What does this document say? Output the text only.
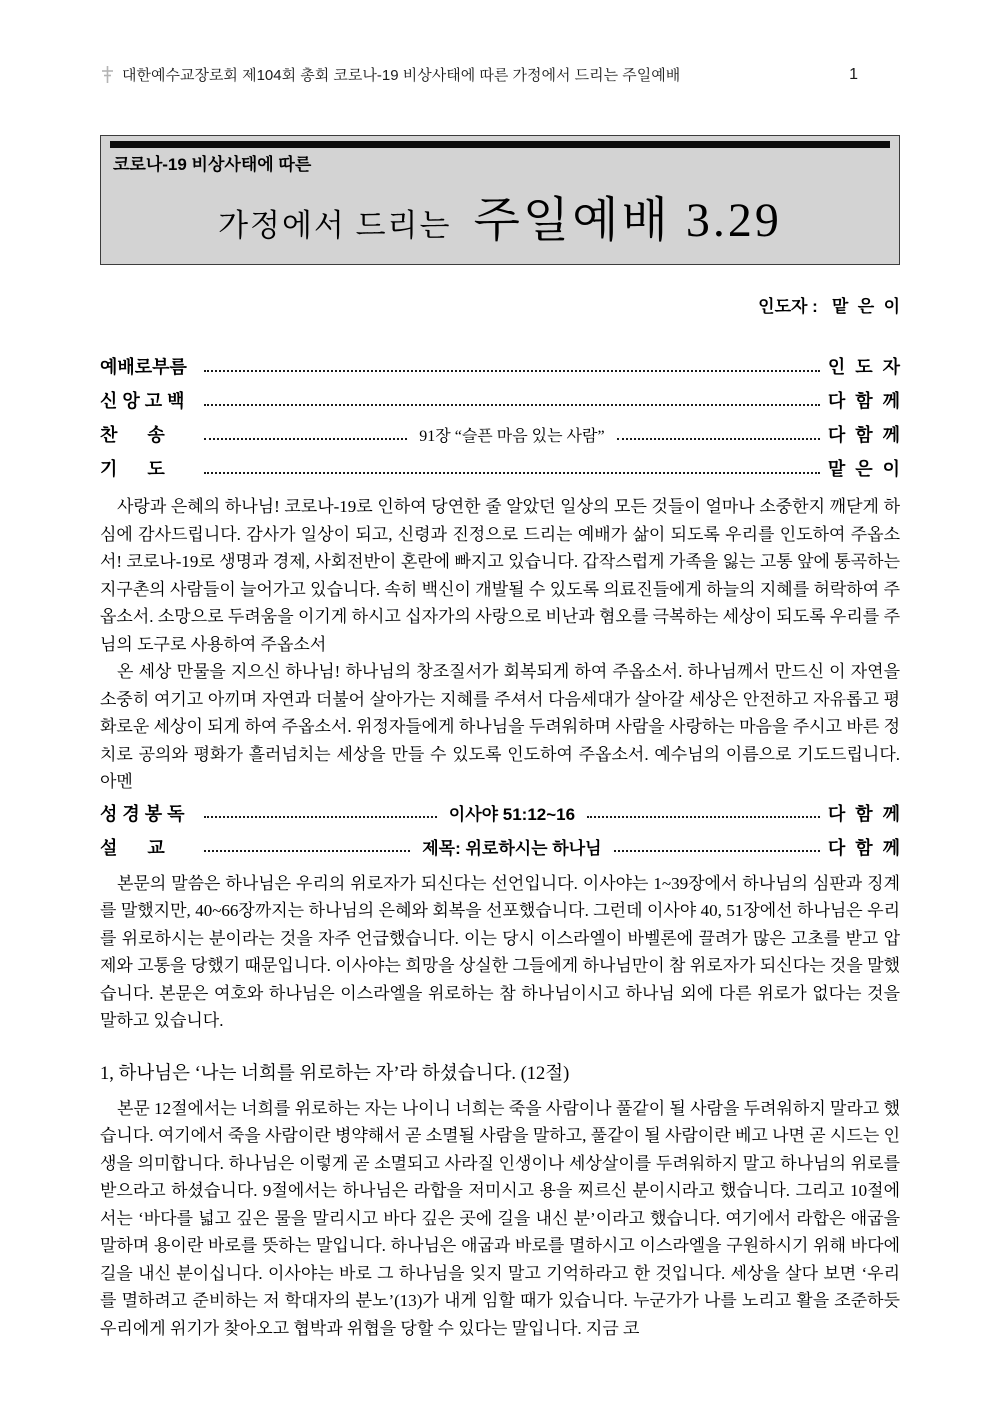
대한예수교장로회 제104회 총회 코로나-19 비상사태에 따른 가정에서 드리는 주일예배	1
코로나-19 비상사태에 따른
가정에서 드리는 주일예배 3.29

인도자 : 맡  은  이

예배로부름	인  도  자
신 앙 고 백	다  함  께
찬      송	91장 “슬픈 마음 있는 사람”	다  함  께
기      도	맡  은  이

사랑과 은혜의 하나님! 코로나-19로 인하여 당연한 줄 알았던 일상의 모든 것들이 얼마나 소중한지 깨닫게 하심에 감사드립니다. 감사가 일상이 되고, 신령과 진정으로 드리는 예배가 삶이 되도록 우리를 인도하여 주옵소서! 코로나-19로 생명과 경제, 사회전반이 혼란에 빠지고 있습니다. 갑작스럽게 가족을 잃는 고통 앞에 통곡하는 지구촌의 사람들이 늘어가고 있습니다. 속히 백신이 개발될 수 있도록 의료진들에게 하늘의 지혜를 허락하여 주옵소서. 소망으로 두려움을 이기게 하시고 십자가의 사랑으로 비난과 혐오를 극복하는 세상이 되도록 우리를 주님의 도구로 사용하여 주옵소서

온 세상 만물을 지으신 하나님! 하나님의 창조질서가 회복되게 하여 주옵소서. 하나님께서 만드신 이 자연을 소중히 여기고 아끼며 자연과 더불어 살아가는 지혜를 주셔서 다음세대가 살아갈 세상은 안전하고 자유롭고 평화로운 세상이 되게 하여 주옵소서. 위정자들에게 하나님을 두려워하며 사람을 사랑하는 마음을 주시고 바른 정치로 공의와 평화가 흘러넘치는 세상을 만들 수 있도록 인도하여 주옵소서. 예수님의 이름으로 기도드립니다. 아멘

성 경 봉 독	이사야 51:12~16	다  함  께
설      교	제목: 위로하시는 하나님	다  함  께

본문의 말씀은 하나님은 우리의 위로자가 되신다는 선언입니다. 이사야는 1~39장에서 하나님의 심판과 징계를 말했지만, 40~66장까지는 하나님의 은혜와 회복을 선포했습니다. 그런데 이사야 40, 51장에선 하나님은 우리를 위로하시는 분이라는 것을 자주 언급했습니다. 이는 당시 이스라엘이 바벨론에 끌려가 많은 고초를 받고 압제와 고통을 당했기 때문입니다. 이사야는 희망을 상실한 그들에게 하나님만이 참 위로자가 되신다는 것을 말했습니다. 본문은 여호와 하나님은 이스라엘을 위로하는 참 하나님이시고 하나님 외에 다른 위로가 없다는 것을 말하고 있습니다.

1, 하나님은 ‘나는 너희를 위로하는 자’라 하셨습니다. (12절)

본문 12절에서는 너희를 위로하는 자는 나이니 너희는 죽을 사람이나 풀같이 될 사람을 두려워하지 말라고 했습니다. 여기에서 죽을 사람이란 병약해서 곧 소멸될 사람을 말하고, 풀같이 될 사람이란 베고 나면 곧 시드는 인생을 의미합니다. 하나님은 이렇게 곧 소멸되고 사라질 인생이나 세상살이를 두려워하지 말고 하나님의 위로를 받으라고 하셨습니다. 9절에서는 하나님은 라합을 저미시고 용을 찌르신 분이시라고 했습니다. 그리고 10절에서는 ‘바다를 넓고 깊은 물을 말리시고 바다 깊은 곳에 길을 내신 분’이라고 했습니다. 여기에서 라합은 애굽을 말하며 용이란 바로를 뜻하는 말입니다. 하나님은 애굽과 바로를 멸하시고 이스라엘을 구원하시기 위해 바다에 길을 내신 분이십니다. 이사야는 바로 그 하나님을 잊지 말고 기억하라고 한 것입니다. 세상을 살다 보면 ‘우리를 멸하려고 준비하는 저 학대자의 분노’(13)가 내게 임할 때가 있습니다. 누군가가 나를 노리고 활을 조준하듯 우리에게 위기가 찾아오고 협박과 위협을 당할 수 있다는 말입니다. 지금 코
